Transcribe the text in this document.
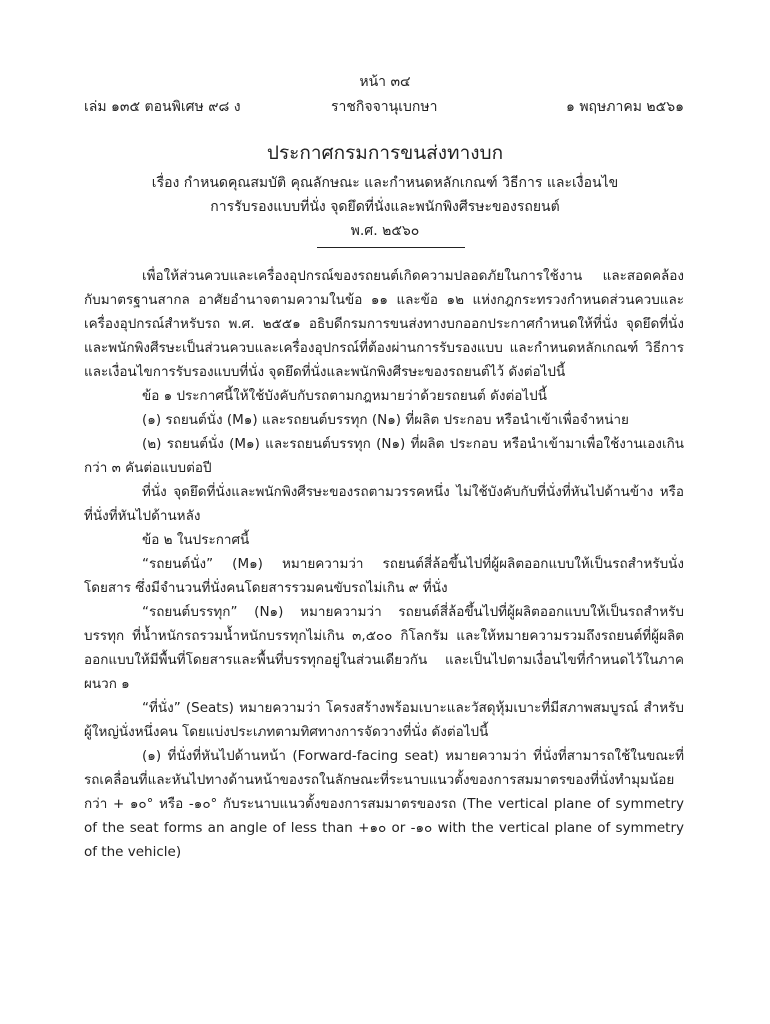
หน้า ๓๔
เล่ม ๑๓๕ ตอนพิเศษ ๙๘ ง	ราชกิจจานุเบกษา	๑ พฤษภาคม ๒๕๖๑
ประกาศกรมการขนส่งทางบก
เรื่อง กำหนดคุณสมบัติ คุณลักษณะ และกำหนดหลักเกณฑ์ วิธีการ และเงื่อนไข
การรับรองแบบที่นั่ง จุดยึดที่นั่งและพนักพิงศีรษะของรถยนต์
พ.ศ. ๒๕๖๐

เพื่อให้ส่วนควบและเครื่องอุปกรณ์ของรถยนต์เกิดความปลอดภัยในการใช้งาน และสอดคล้องกับมาตรฐานสากล อาศัยอำนาจตามความในข้อ ๑๑ และข้อ ๑๒ แห่งกฎกระทรวงกำหนดส่วนควบและเครื่องอุปกรณ์สำหรับรถ พ.ศ. ๒๕๕๑ อธิบดีกรมการขนส่งทางบกออกประกาศกำหนดให้ที่นั่ง จุดยึดที่นั่งและพนักพิงศีรษะเป็นส่วนควบและเครื่องอุปกรณ์ที่ต้องผ่านการรับรองแบบ และกำหนดหลักเกณฑ์ วิธีการ และเงื่อนไขการรับรองแบบที่นั่ง จุดยึดที่นั่งและพนักพิงศีรษะของรถยนต์ไว้ ดังต่อไปนี้

ข้อ ๑ ประกาศนี้ให้ใช้บังคับกับรถตามกฎหมายว่าด้วยรถยนต์ ดังต่อไปนี้

(๑) รถยนต์นั่ง (M๑) และรถยนต์บรรทุก (N๑) ที่ผลิต ประกอบ หรือนำเข้าเพื่อจำหน่าย

(๒) รถยนต์นั่ง (M๑) และรถยนต์บรรทุก (N๑) ที่ผลิต ประกอบ หรือนำเข้ามาเพื่อใช้งานเองเกินกว่า ๓ คันต่อแบบต่อปี

ที่นั่ง จุดยึดที่นั่งและพนักพิงศีรษะของรถตามวรรคหนึ่ง ไม่ใช้บังคับกับที่นั่งที่หันไปด้านข้าง หรือที่นั่งที่หันไปด้านหลัง

ข้อ ๒ ในประกาศนี้

“รถยนต์นั่ง” (M๑) หมายความว่า รถยนต์สี่ล้อขึ้นไปที่ผู้ผลิตออกแบบให้เป็นรถสำหรับนั่งโดยสาร ซึ่งมีจำนวนที่นั่งคนโดยสารรวมคนขับรถไม่เกิน ๙ ที่นั่ง

“รถยนต์บรรทุก” (N๑) หมายความว่า รถยนต์สี่ล้อขึ้นไปที่ผู้ผลิตออกแบบให้เป็นรถสำหรับบรรทุก ที่น้ำหนักรถรวมน้ำหนักบรรทุกไม่เกิน ๓,๕๐๐ กิโลกรัม และให้หมายความรวมถึงรถยนต์ที่ผู้ผลิตออกแบบให้มีพื้นที่โดยสารและพื้นที่บรรทุกอยู่ในส่วนเดียวกัน และเป็นไปตามเงื่อนไขที่กำหนดไว้ในภาคผนวก ๑

“ที่นั่ง” (Seats) หมายความว่า โครงสร้างพร้อมเบาะและวัสดุหุ้มเบาะที่มีสภาพสมบูรณ์ สำหรับผู้ใหญ่นั่งหนึ่งคน โดยแบ่งประเภทตามทิศทางการจัดวางที่นั่ง ดังต่อไปนี้

(๑) ที่นั่งที่หันไปด้านหน้า (Forward-facing seat) หมายความว่า ที่นั่งที่สามารถใช้ในขณะที่รถเคลื่อนที่และหันไปทางด้านหน้าของรถในลักษณะที่ระนาบแนวตั้งของการสมมาตรของที่นั่งทำมุมน้อยกว่า + ๑๐° หรือ -๑๐° กับระนาบแนวตั้งของการสมมาตรของรถ (The vertical plane of symmetry of the seat forms an angle of less than +๑๐ or -๑๐ with the vertical plane of symmetry of the vehicle)
